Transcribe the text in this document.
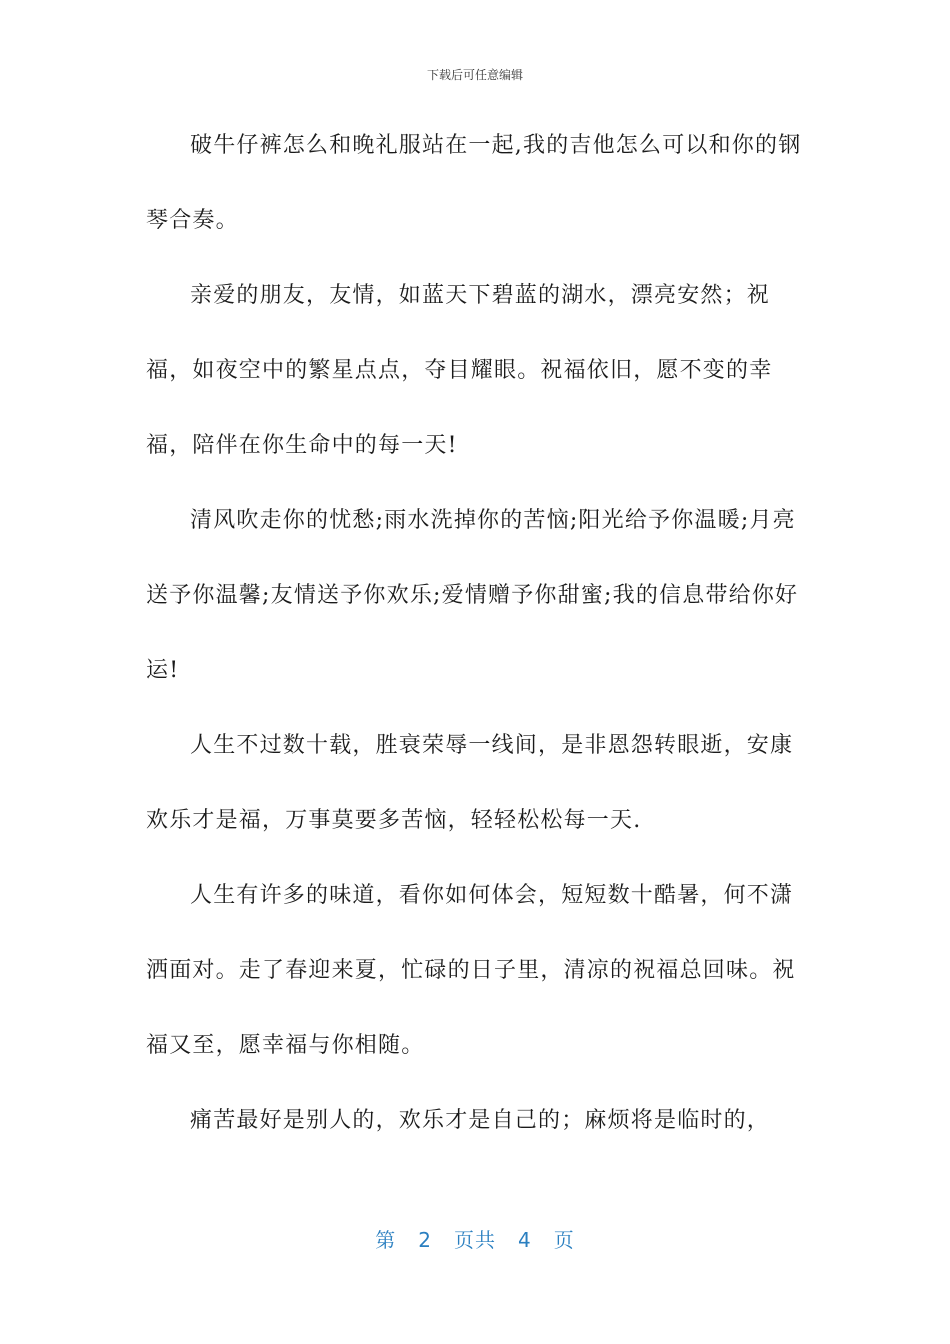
下载后可任意编辑

破牛仔裤怎么和晚礼服站在一起,我的吉他怎么可以和你的钢琴合奏。

亲爱的朋友，友情，如蓝天下碧蓝的湖水，漂亮安然；祝福，如夜空中的繁星点点，夺目耀眼。祝福依旧，愿不变的幸福，陪伴在你生命中的每一天!

清风吹走你的忧愁;雨水洗掉你的苦恼;阳光给予你温暖;月亮送予你温馨;友情送予你欢乐;爱情赠予你甜蜜;我的信息带给你好运!

人生不过数十载，胜衰荣辱一线间，是非恩怨转眼逝，安康欢乐才是福，万事莫要多苦恼，轻轻松松每一天.

人生有许多的味道，看你如何体会，短短数十酷暑，何不潇洒面对。走了春迎来夏，忙碌的日子里，清凉的祝福总回味。祝福又至，愿幸福与你相随。

痛苦最好是别人的，欢乐才是自己的；麻烦将是临时的，

第 2 页共 4 页
